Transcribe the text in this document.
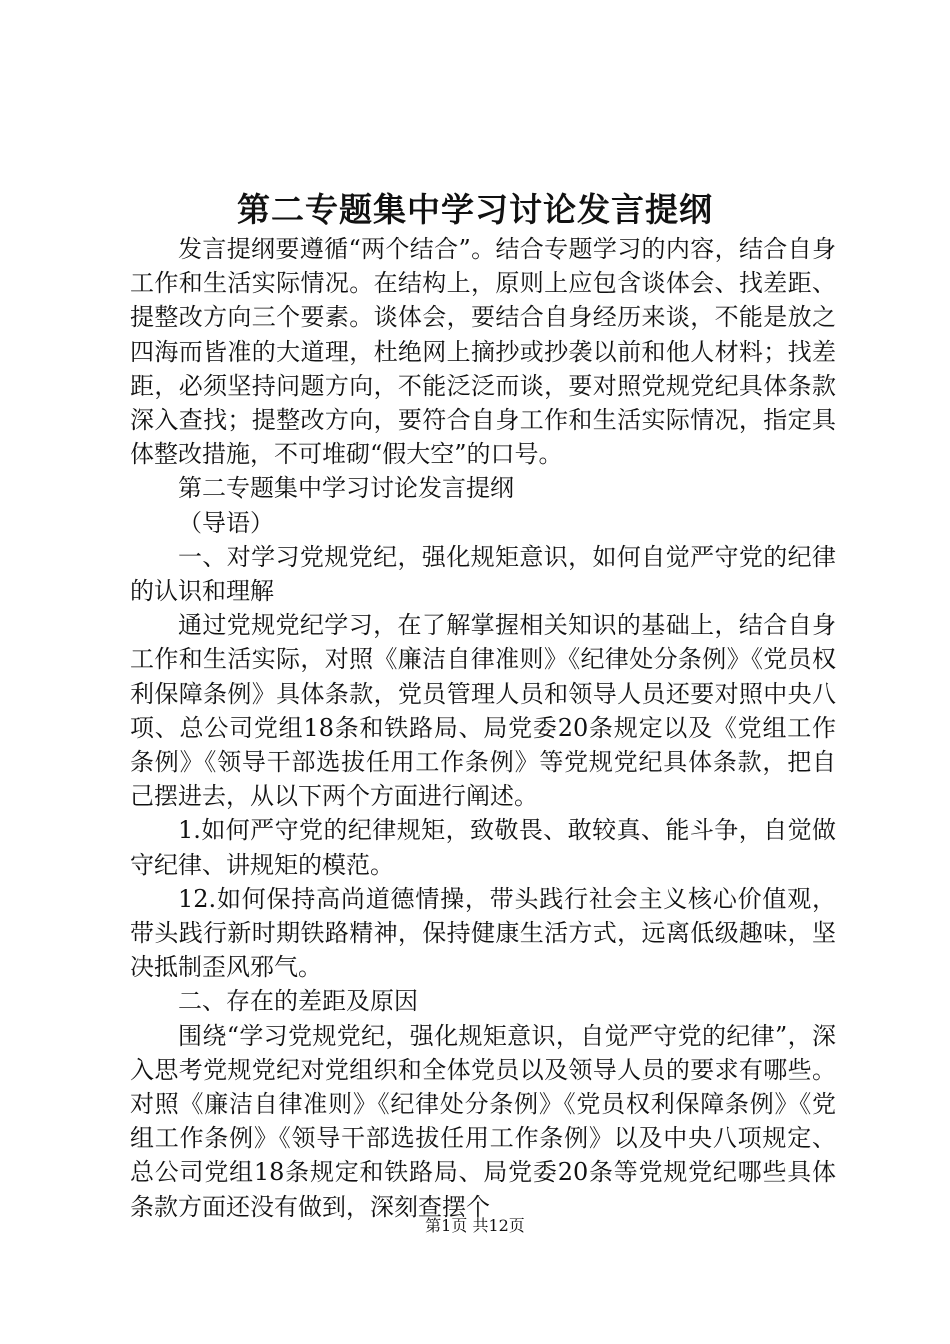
第二专题集中学习讨论发言提纲

发言提纲要遵循“两个结合”。结合专题学习的内容，结合自身工作和生活实际情况。在结构上，原则上应包含谈体会、找差距、提整改方向三个要素。谈体会，要结合自身经历来谈，不能是放之四海而皆准的大道理，杜绝网上摘抄或抄袭以前和他人材料；找差距，必须坚持问题方向，不能泛泛而谈，要对照党规党纪具体条款深入查找；提整改方向，要符合自身工作和生活实际情况，指定具体整改措施，不可堆砌“假大空”的口号。

第二专题集中学习讨论发言提纲

（导语）

一、对学习党规党纪，强化规矩意识，如何自觉严守党的纪律的认识和理解

通过党规党纪学习，在了解掌握相关知识的基础上，结合自身工作和生活实际，对照《廉洁自律准则》《纪律处分条例》《党员权利保障条例》具体条款，党员管理人员和领导人员还要对照中央八项、总公司党组18条和铁路局、局党委20条规定以及《党组工作条例》《领导干部选拔任用工作条例》等党规党纪具体条款，把自己摆进去，从以下两个方面进行阐述。

1.如何严守党的纪律规矩，致敬畏、敢较真、能斗争，自觉做守纪律、讲规矩的模范。

12.如何保持高尚道德情操，带头践行社会主义核心价值观，带头践行新时期铁路精神，保持健康生活方式，远离低级趣味，坚决抵制歪风邪气。

二、存在的差距及原因

围绕“学习党规党纪，强化规矩意识，自觉严守党的纪律”，深入思考党规党纪对党组织和全体党员以及领导人员的要求有哪些。对照《廉洁自律准则》《纪律处分条例》《党员权利保障条例》《党组工作条例》《领导干部选拔任用工作条例》以及中央八项规定、总公司党组18条规定和铁路局、局党委20条等党规党纪哪些具体条款方面还没有做到，深刻查摆个

第1页 共12页
